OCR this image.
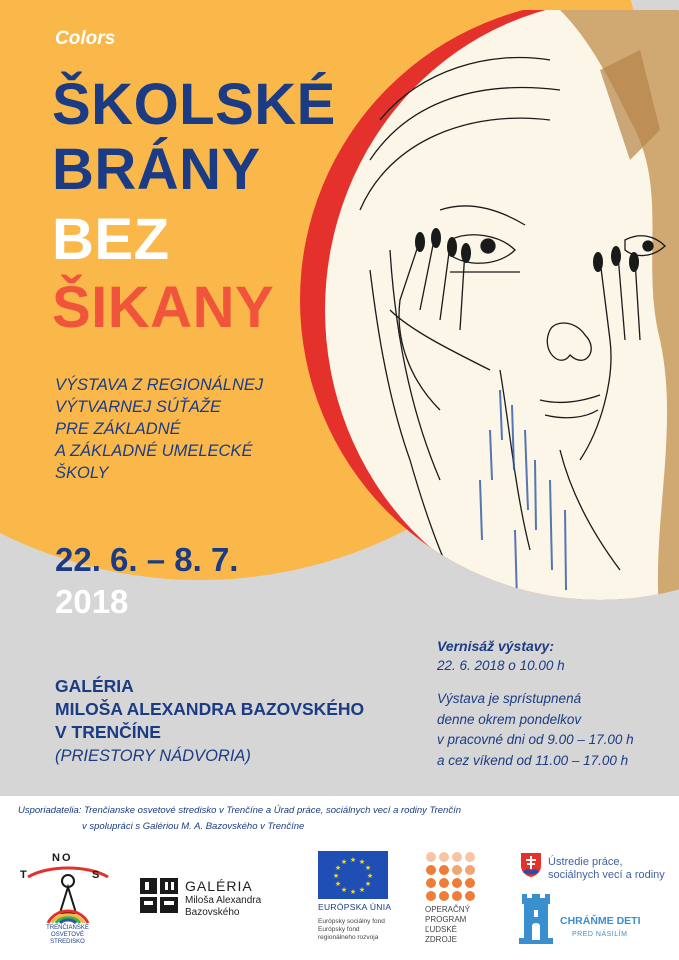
Colors
ŠKOLSKÉ
BRÁNY
BEZ
ŠIKANY
VÝSTAVA Z REGIONÁLNEJ
VÝTVARNEJ SÚŤAŽE
PRE ZÁKLADNÉ
A ZÁKLADNÉ UMELECKÉ
ŠKOLY
22. 6. – 8. 7.
2018
GALÉRIA
MILOŠA ALEXANDRA BAZOVSKÉHO
V TRENČÍNE
(PRIESTORY NÁDVORIA)
Vernisáž výstavy:
22. 6. 2018 o 10.00 h
Výstava je sprístupnená
denne okrem pondelkov
v pracovné dni od 9.00 – 17.00 h
a cez víkend od 11.00 – 17.00 h
Usporiadatelia: Trenčianske osvetové stredisko v Trenčíne a Úrad práce, sociálnych vecí a rodiny Trenčín
v spolupráci s Galériou M. A. Bazovského v Trenčíne
T
N O
S
TRENČIANSKE
OSVETOVÉ
STREDISKO
GALÉRIA
Miloša Alexandra
Bazovského
★ ★
★
★
★
★
★
★
★
★
★
★
EURÓPSKA ÚNIA
Európsky sociálny fond
Európsky fond
regionálneho rozvoja
OPERAČNÝ
PROGRAM
ĽUDSKÉ
ZDROJE
Ústredie práce,
sociálnych vecí a rodiny
CHRÁŇME DETI
PRED NÁSILÍM
